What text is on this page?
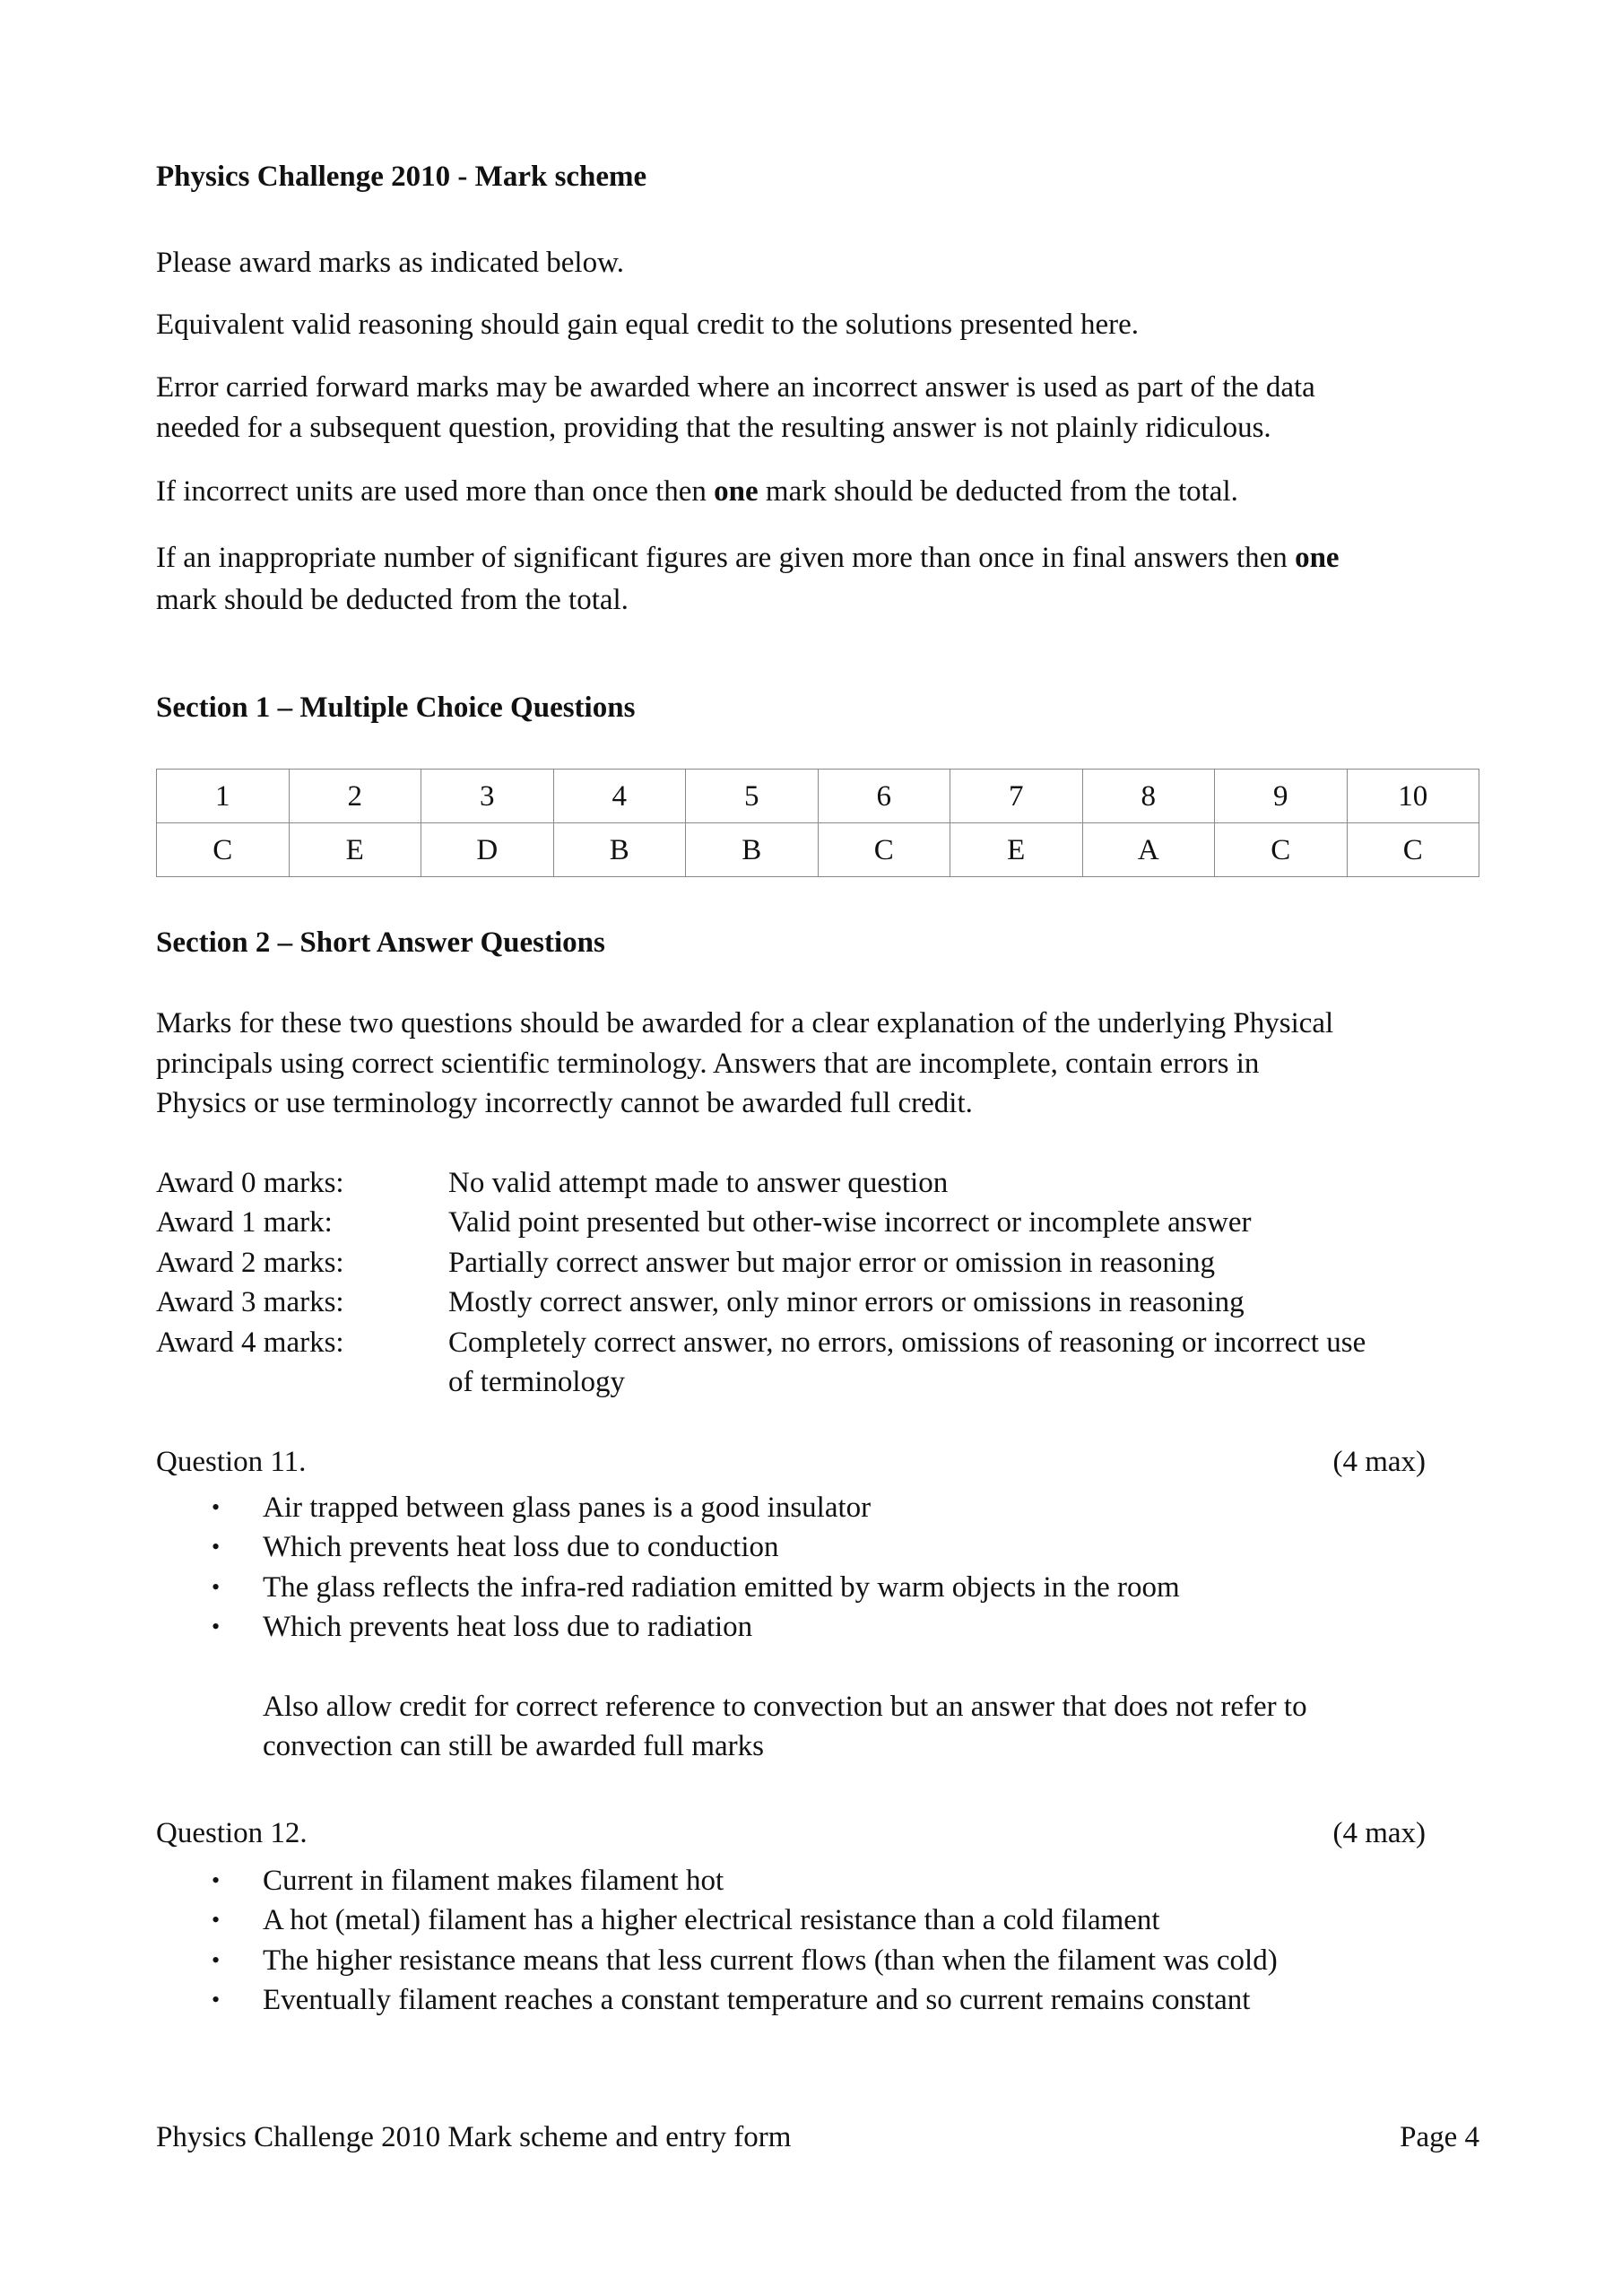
Physics Challenge 2010 - Mark scheme
Please award marks as indicated below.
Equivalent valid reasoning should gain equal credit to the solutions presented here.
Error carried forward marks may be awarded where an incorrect answer is used as part of the data
needed for a subsequent question, providing that the resulting answer is not plainly ridiculous.
If incorrect units are used more than once then one mark should be deducted from the total.
If an inappropriate number of significant figures are given more than once in final answers then one
mark should be deducted from the total.
Section 1 – Multiple Choice Questions
1	2	3	4	5	6	7	8	9	10
C	E	D	B	B	C	E	A	C	C
Section 2 – Short Answer Questions
Marks for these two questions should be awarded for a clear explanation of the underlying Physical
principals using correct scientific terminology. Answers that are incomplete, contain errors in
Physics or use terminology incorrectly cannot be awarded full credit.
Award 0 marks:	No valid attempt made to answer question
Award 1 mark:	Valid point presented but other-wise incorrect or incomplete answer
Award 2 marks:	Partially correct answer but major error or omission in reasoning
Award 3 marks:	Mostly correct answer, only minor errors or omissions in reasoning
Award 4 marks:	Completely correct answer, no errors, omissions of reasoning or incorrect use
of terminology
Question 11.	(4 max)
• Air trapped between glass panes is a good insulator
• Which prevents heat loss due to conduction
• The glass reflects the infra-red radiation emitted by warm objects in the room
• Which prevents heat loss due to radiation
Also allow credit for correct reference to convection but an answer that does not refer to
convection can still be awarded full marks
Question 12.	(4 max)
• Current in filament makes filament hot
• A hot (metal) filament has a higher electrical resistance than a cold filament
• The higher resistance means that less current flows (than when the filament was cold)
• Eventually filament reaches a constant temperature and so current remains constant
Physics Challenge 2010 Mark scheme and entry form	Page 4
